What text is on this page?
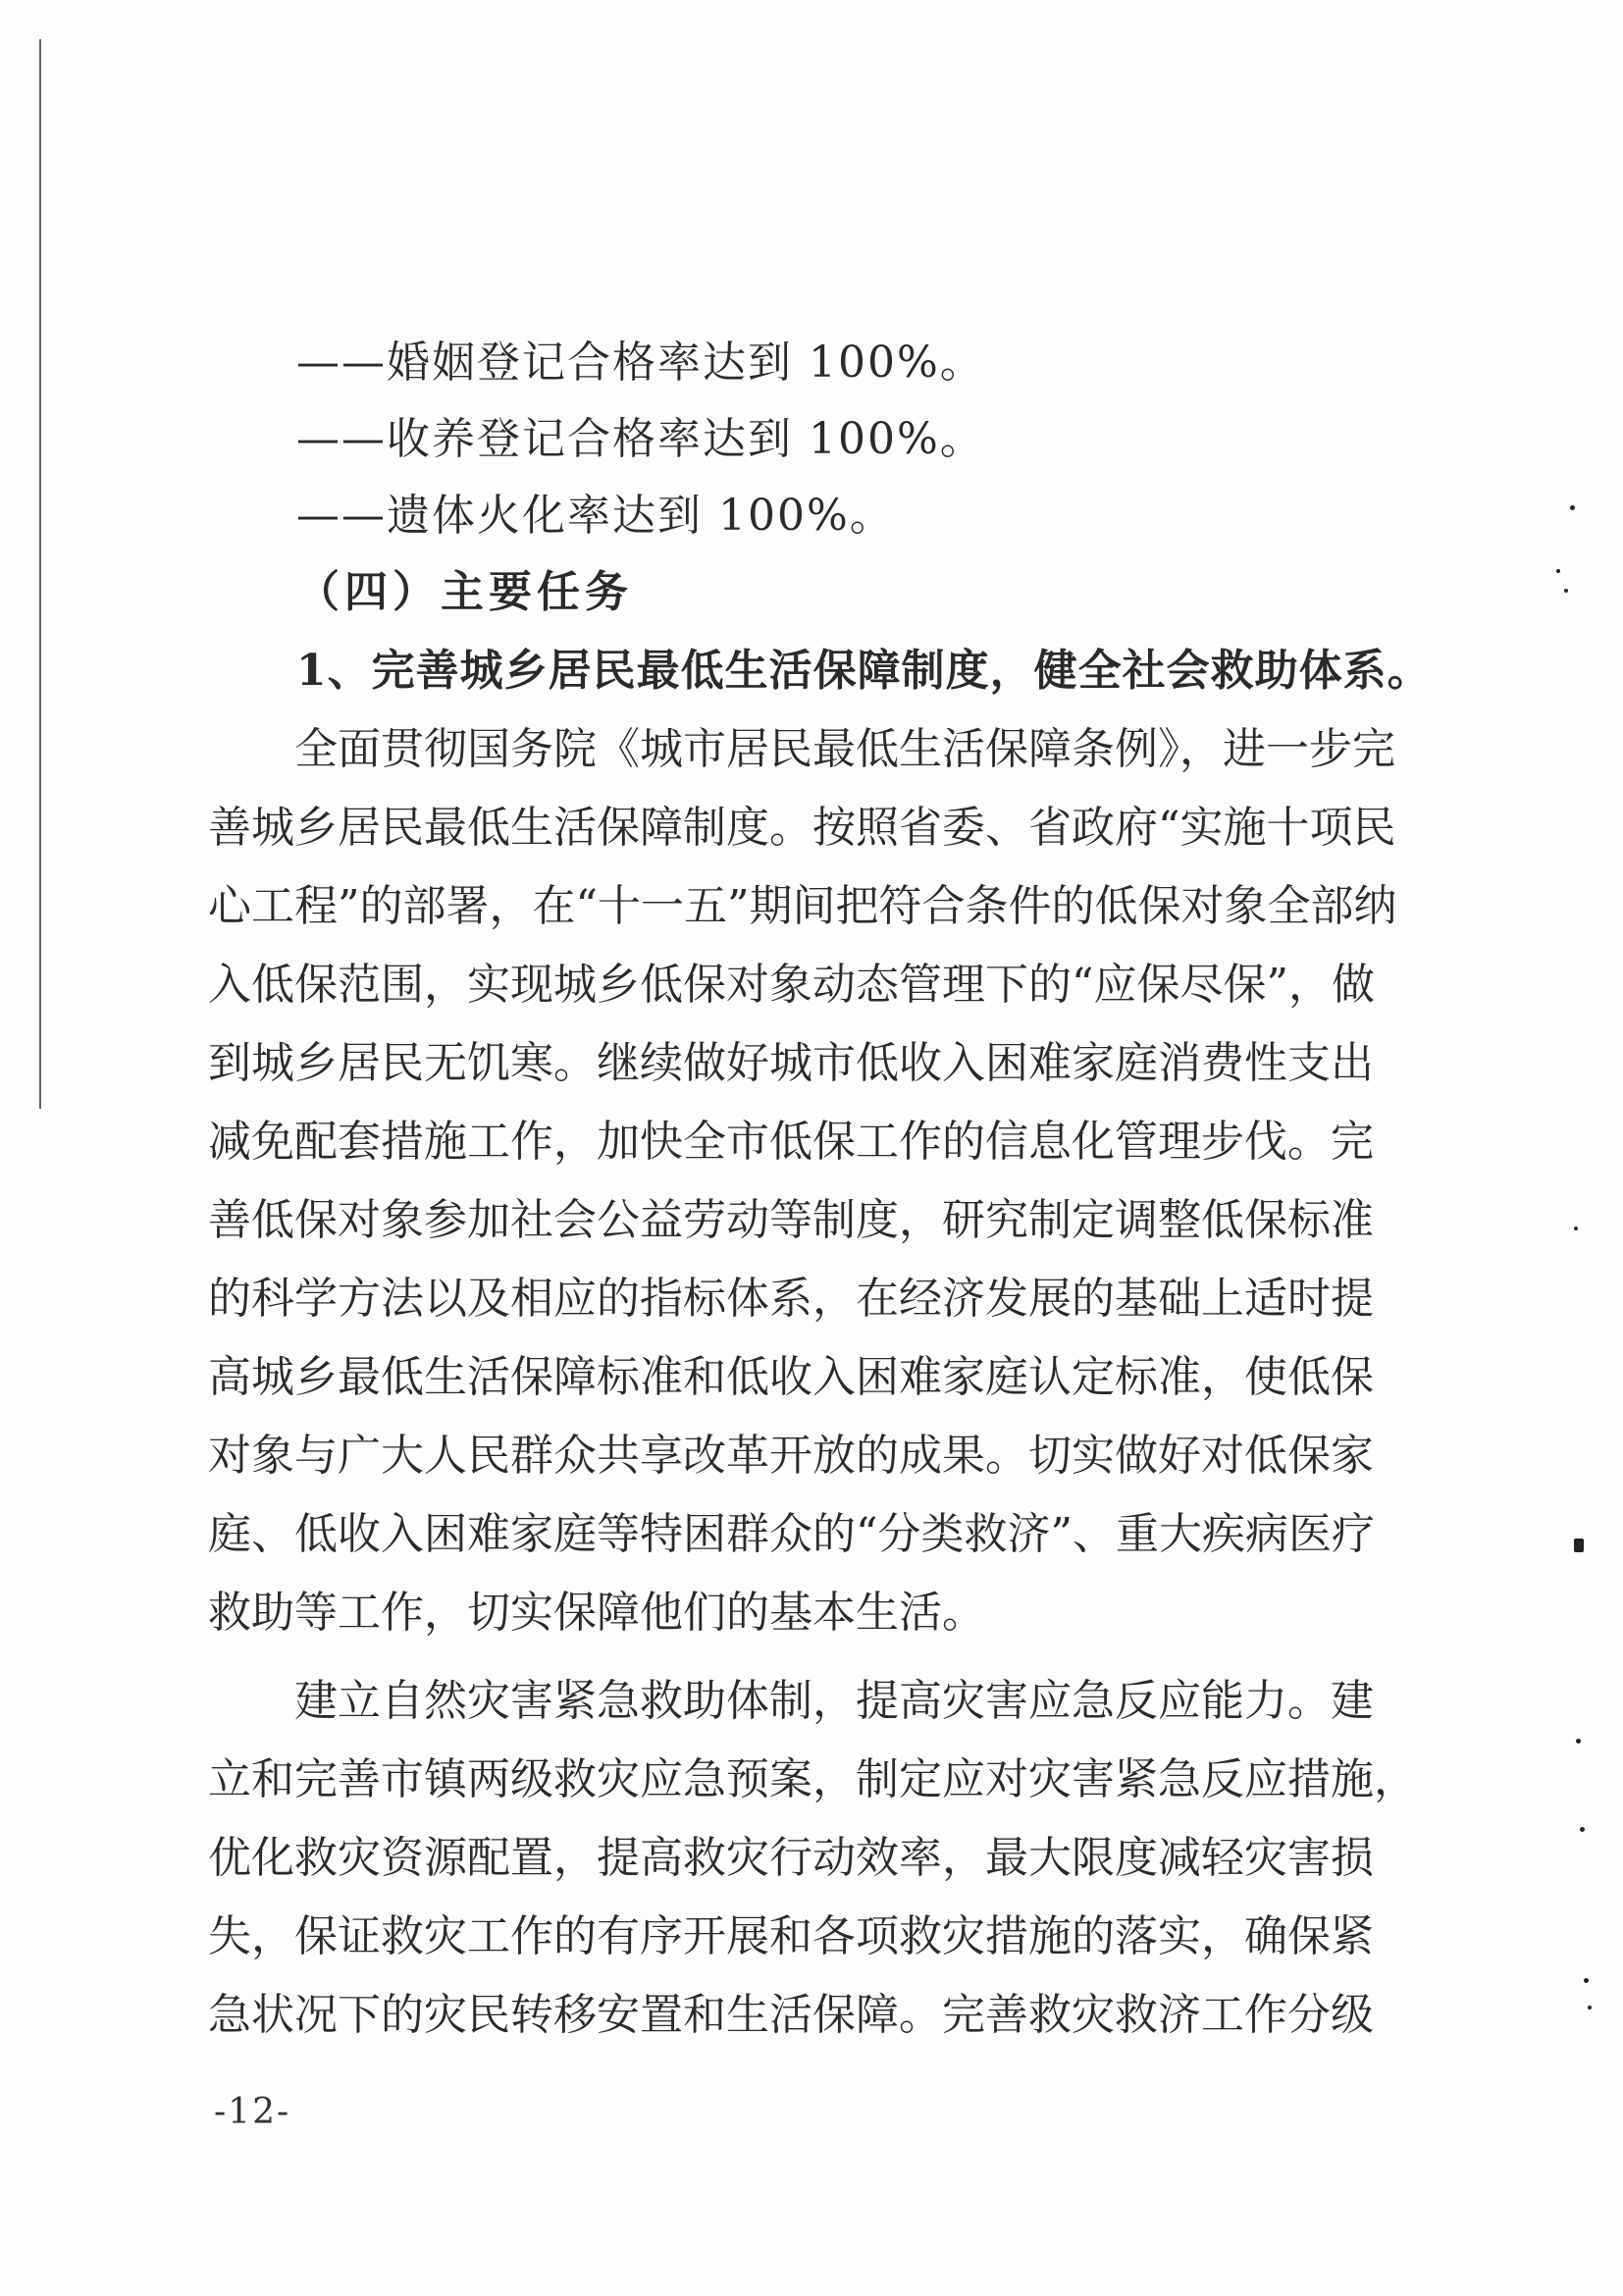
——婚姻登记合格率达到 100%。
——收养登记合格率达到 100%。
——遗体火化率达到 100%。
（四）主要任务
1、完善城乡居民最低生活保障制度，健全社会救助体系。
全面贯彻国务院《城市居民最低生活保障条例》，进一步完
善城乡居民最低生活保障制度。按照省委、省政府“实施十项民
心工程”的部署，在“十一五”期间把符合条件的低保对象全部纳
入低保范围，实现城乡低保对象动态管理下的“应保尽保”，做
到城乡居民无饥寒。继续做好城市低收入困难家庭消费性支出
减免配套措施工作，加快全市低保工作的信息化管理步伐。完
善低保对象参加社会公益劳动等制度，研究制定调整低保标准
的科学方法以及相应的指标体系，在经济发展的基础上适时提
高城乡最低生活保障标准和低收入困难家庭认定标准，使低保
对象与广大人民群众共享改革开放的成果。切实做好对低保家
庭、低收入困难家庭等特困群众的“分类救济”、重大疾病医疗
救助等工作，切实保障他们的基本生活。
建立自然灾害紧急救助体制，提高灾害应急反应能力。建
立和完善市镇两级救灾应急预案，制定应对灾害紧急反应措施，
优化救灾资源配置，提高救灾行动效率，最大限度减轻灾害损
失，保证救灾工作的有序开展和各项救灾措施的落实，确保紧
急状况下的灾民转移安置和生活保障。完善救灾救济工作分级
-12-
